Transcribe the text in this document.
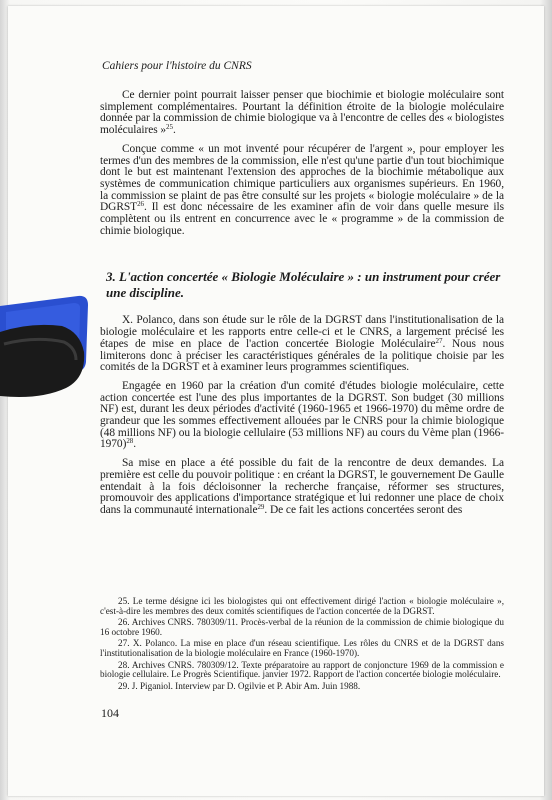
Cahiers pour l'histoire du CNRS

Ce dernier point pourrait laisser penser que biochimie et biologie moléculaire sont simplement complémentaires. Pourtant la définition étroite de la biologie moléculaire donnée par la commission de chimie biologique va à l'encontre de celles des « biologistes moléculaires »$^{25}$.

Conçue comme « un mot inventé pour récupérer de l'argent », pour employer les termes d'un des membres de la commission, elle n'est qu'une partie d'un tout biochimique dont le but est maintenant l'extension des approches de la biochimie métabolique aux systèmes de communication chimique particuliers aux organismes supérieurs. En 1960, la commission se plaint de pas être consulté sur les projets « biologie moléculaire » de la DGRST$^{26}$. Il est donc nécessaire de les examiner afin de voir dans quelle mesure ils complètent ou ils entrent en concurrence avec le « programme » de la commission de chimie biologique.

3. L'action concertée « Biologie Moléculaire » : un instrument pour créer une discipline.

X. Polanco, dans son étude sur le rôle de la DGRST dans l'institutionalisation de la biologie moléculaire et les rapports entre celle-ci et le CNRS, a largement précisé les étapes de mise en place de l'action concertée Biologie Moléculaire$^{27}$. Nous nous limiterons donc à préciser les caractéristiques générales de la politique choisie par les comités de la DGRST et à examiner leurs programmes scientifiques.

Engagée en 1960 par la création d'un comité d'études biologie moléculaire, cette action concertée est l'une des plus importantes de la DGRST. Son budget (30 millions NF) est, durant les deux périodes d'activité (1960-1965 et 1966-1970) du même ordre de grandeur que les sommes effectivement allouées par le CNRS pour la chimie biologique (48 millions NF) ou la biologie cellulaire (53 millions NF) au cours du Vème plan (1966-1970)$^{28}$.

Sa mise en place a été possible du fait de la rencontre de deux demandes. La première est celle du pouvoir politique : en créant la DGRST, le gouvernement De Gaulle entendait à la fois décloisonner la recherche française, réformer ses structures, promouvoir des applications d'importance stratégique et lui redonner une place de choix dans la communauté internationale$^{29}$. De ce fait les actions concertées seront des

25. Le terme désigne ici les biologistes qui ont effectivement dirigé l'action « biologie moléculaire », c'est-à-dire les membres des deux comités scientifiques de l'action concertée de la DGRST.

26. Archives CNRS. 780309/11. Procès-verbal de la réunion de la commission de chimie biologique du 16 octobre 1960.

27. X. Polanco. La mise en place d'un réseau scientifique. Les rôles du CNRS et de la DGRST dans l'institutionalisation de la biologie moléculaire en France (1960-1970).

28. Archives CNRS. 780309/12. Texte préparatoire au rapport de conjoncture 1969 de la commission e biologie cellulaire. Le Progrès Scientifique. janvier 1972. Rapport de l'action concertée biologie moléculaire.

29. J. Piganiol. Interview par D. Ogilvie et P. Abir Am. Juin 1988.

104
